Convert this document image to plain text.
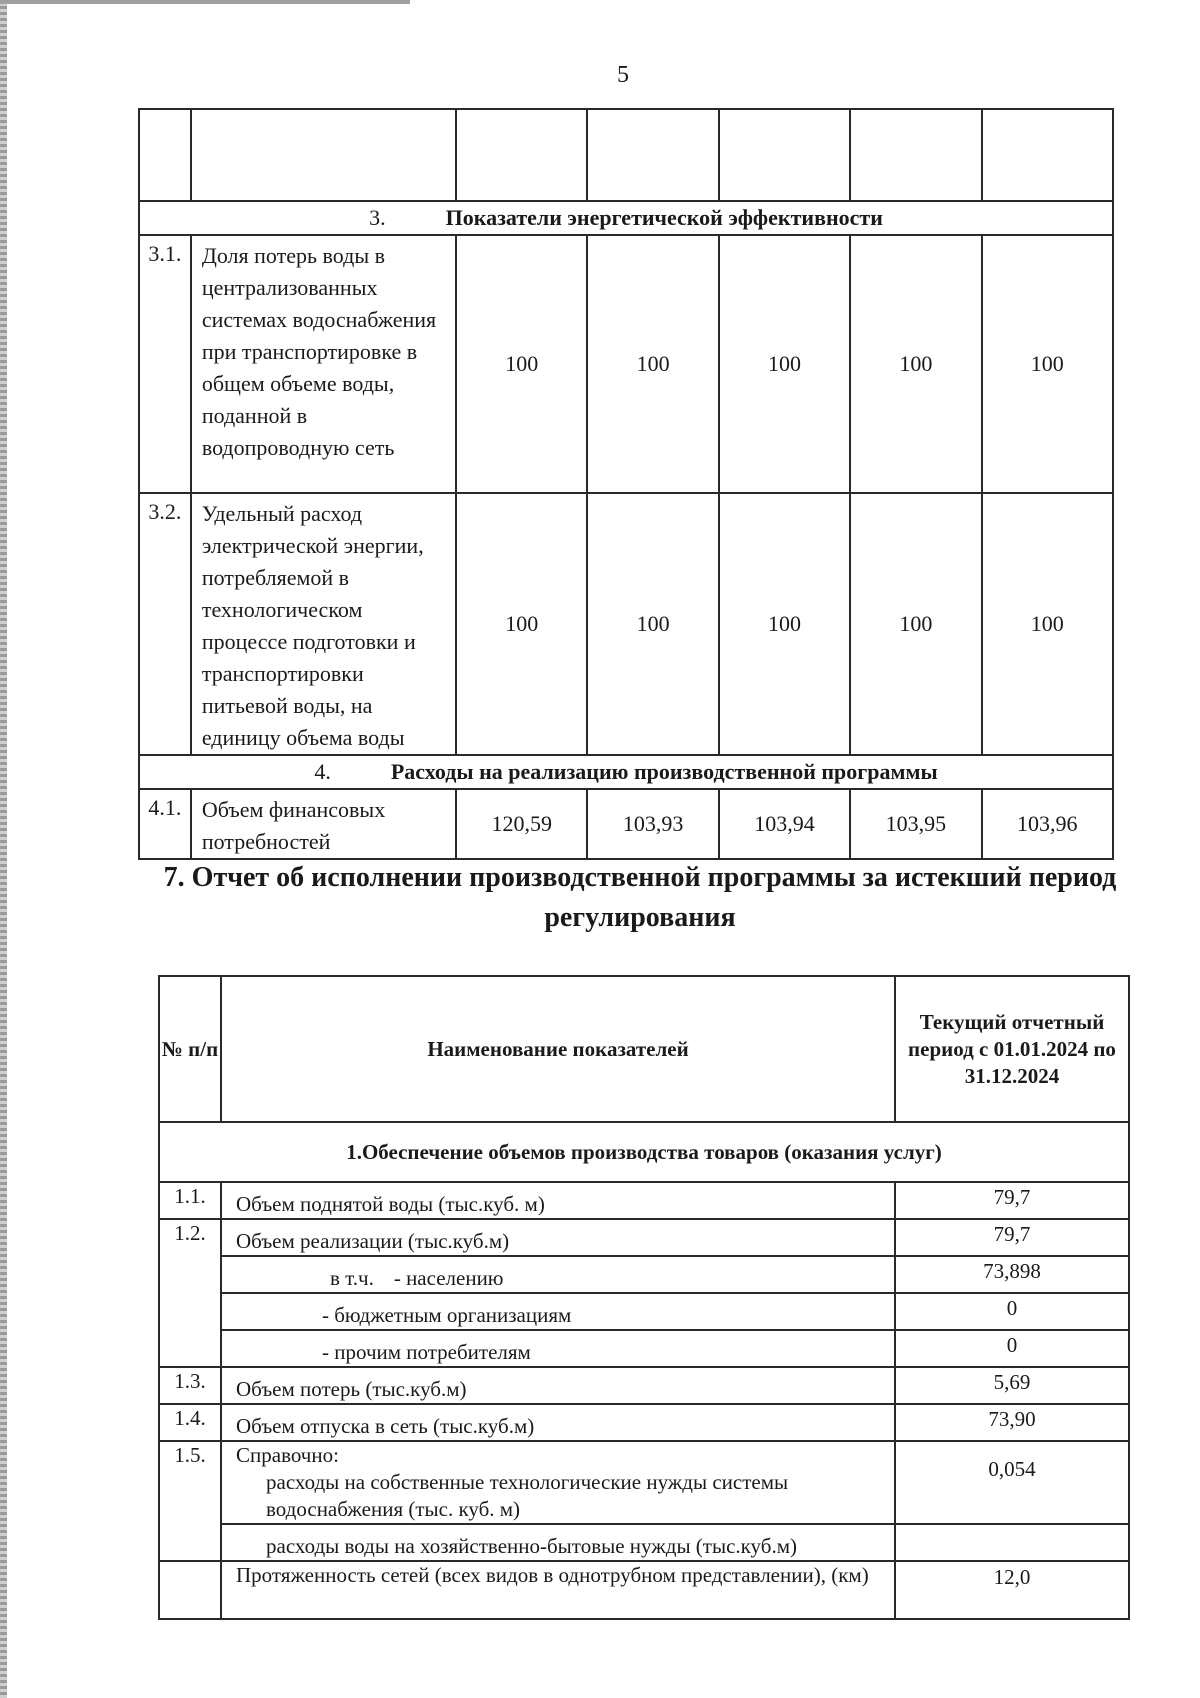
5

3. Показатели энергетической эффективности						
3.1.	Доля потерь воды в централизованных системах водоснабжения при транспортировке в общем объеме воды, поданной в водопроводную сеть	100	100	100	100	100
3.2.	Удельный расход электрической энергии, потребляемой в технологическом процессе подготовки и транспортировки питьевой воды, на единицу объема воды	100	100	100	100	100
4. Расходы на реализацию производственной программы						
4.1.	Объем финансовых потребностей	120,59	103,93	103,94	103,95	103,96
7. Отчет об исполнении производственной программы за истекший период регулирования
№ п/п	Наименование показателей	Текущий отчетный период с 01.01.2024 по 31.12.2024
1.Обеспечение объемов производства товаров (оказания услуг)		
1.1.	Объем поднятой воды (тыс.куб. м)	79,7
1.2.	Объем реализации (тыс.куб.м)	79,7
	в т.ч. - населению	73,898
	- бюджетным организациям	0
	- прочим потребителям	0
1.3.	Объем потерь (тыс.куб.м)	5,69
1.4.	Объем отпуска в сеть (тыс.куб.м)	73,90
1.5.	Справочно:
расходы на собственные технологические нужды системы водоснабжения (тыс. куб. м)	0,054
	расходы воды на хозяйственно-бытовые нужды (тыс.куб.м)	
	Протяженность сетей (всех видов в однотрубном представлении), (км)	12,0
